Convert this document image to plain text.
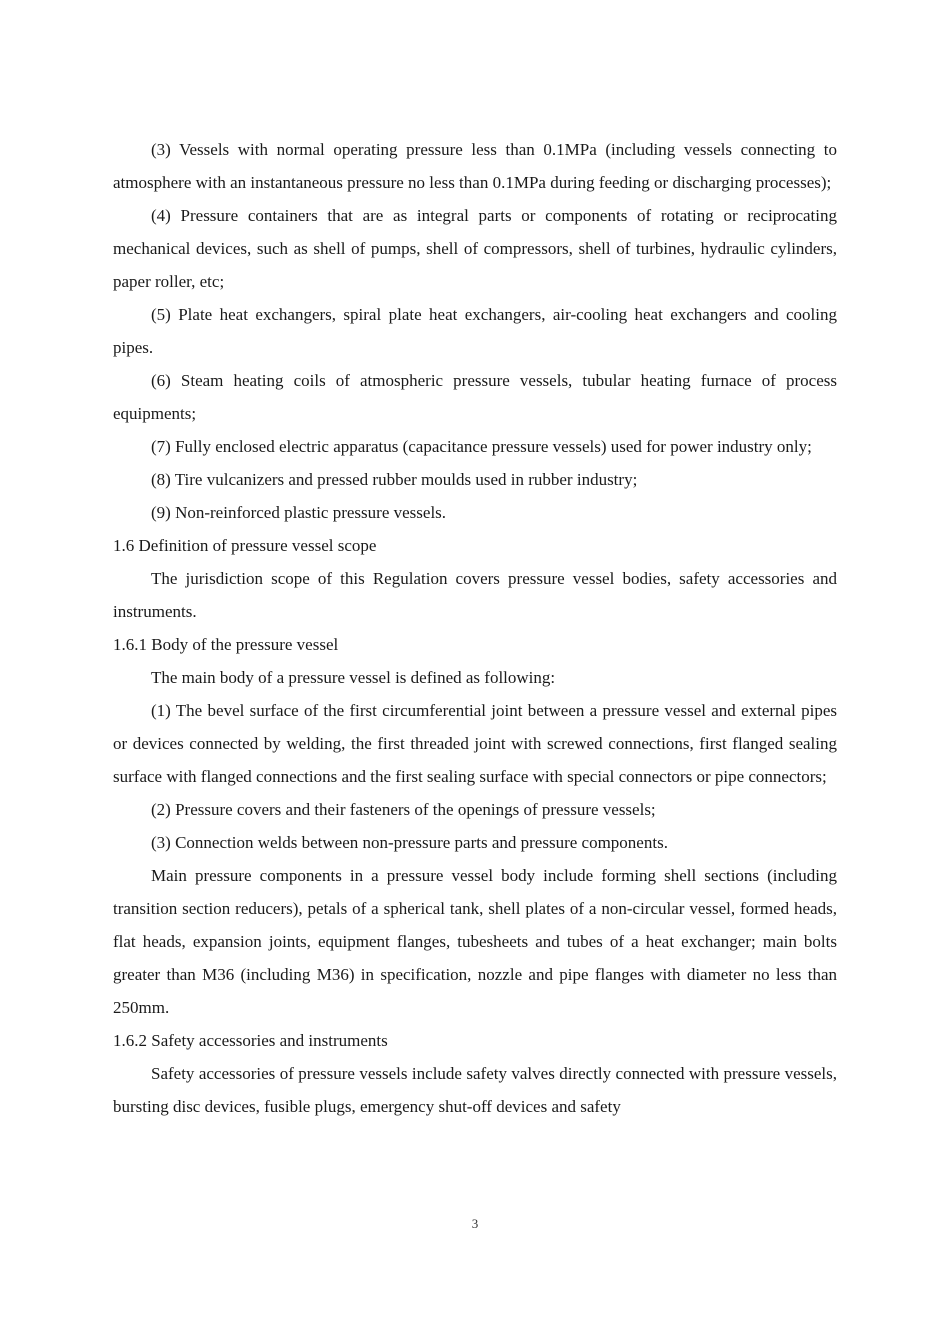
(3) Vessels with normal operating pressure less than 0.1MPa (including vessels connecting to atmosphere with an instantaneous pressure no less than 0.1MPa during feeding or discharging processes);

(4) Pressure containers that are as integral parts or components of rotating or reciprocating mechanical devices, such as shell of pumps, shell of compressors, shell of turbines, hydraulic cylinders, paper roller, etc;

(5) Plate heat exchangers, spiral plate heat exchangers, air-cooling heat exchangers and cooling pipes.

(6) Steam heating coils of atmospheric pressure vessels, tubular heating furnace of process equipments;

(7) Fully enclosed electric apparatus (capacitance pressure vessels) used for power industry only;

(8) Tire vulcanizers and pressed rubber moulds used in rubber industry;

(9) Non-reinforced plastic pressure vessels.

1.6 Definition of pressure vessel scope

The jurisdiction scope of this Regulation covers pressure vessel bodies, safety accessories and instruments.

1.6.1 Body of the pressure vessel

The main body of a pressure vessel is defined as following:

(1) The bevel surface of the first circumferential joint between a pressure vessel and external pipes or devices connected by welding, the first threaded joint with screwed connections, first flanged sealing surface with flanged connections and the first sealing surface with special connectors or pipe connectors;

(2) Pressure covers and their fasteners of the openings of pressure vessels;

(3) Connection welds between non-pressure parts and pressure components.

Main pressure components in a pressure vessel body include forming shell sections (including transition section reducers), petals of a spherical tank, shell plates of a non-circular vessel, formed heads, flat heads, expansion joints, equipment flanges, tubesheets and tubes of a heat exchanger; main bolts greater than M36 (including M36) in specification, nozzle and pipe flanges with diameter no less than 250mm.

1.6.2 Safety accessories and instruments

Safety accessories of pressure vessels include safety valves directly connected with pressure vessels, bursting disc devices, fusible plugs, emergency shut-off devices and safety

3
